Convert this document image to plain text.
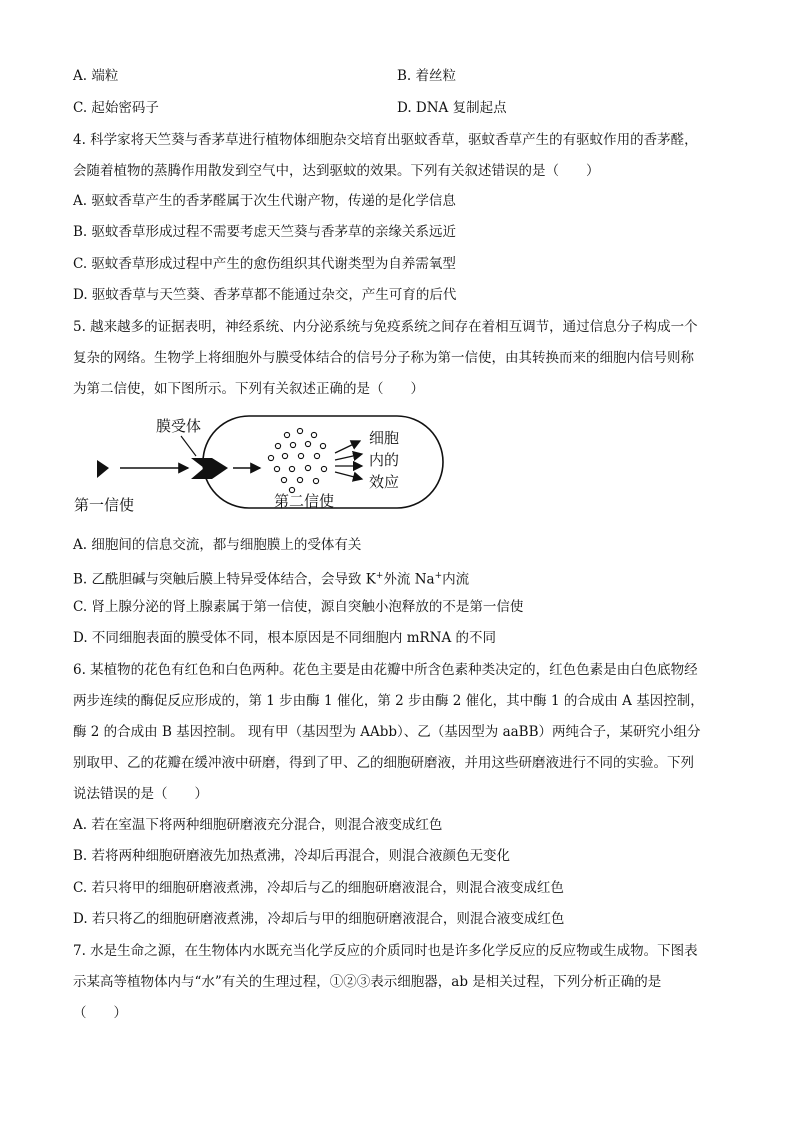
A. 端粒	B. 着丝粒
C. 起始密码子	D. DNA 复制起点
4. 科学家将天竺葵与香茅草进行植物体细胞杂交培育出驱蚊香草，驱蚊香草产生的有驱蚊作用的香茅醛，
会随着植物的蒸腾作用散发到空气中，达到驱蚊的效果。下列有关叙述错误的是（　　）
A. 驱蚊香草产生的香茅醛属于次生代谢产物，传递的是化学信息
B. 驱蚊香草形成过程不需要考虑天竺葵与香茅草的亲缘关系远近
C. 驱蚊香草形成过程中产生的愈伤组织其代谢类型为自养需氧型
D. 驱蚊香草与天竺葵、香茅草都不能通过杂交，产生可育的后代
5. 越来越多的证据表明，神经系统、内分泌系统与免疫系统之间存在着相互调节，通过信息分子构成一个
复杂的网络。生物学上将细胞外与膜受体结合的信号分子称为第一信使，由其转换而来的细胞内信号则称
为第二信使，如下图所示。下列有关叙述正确的是（　　）
膜受体
第一信使	第二信使
细胞
内的
效应
A. 细胞间的信息交流，都与细胞膜上的受体有关
B. 乙酰胆碱与突触后膜上特异受体结合，会导致 K+外流 Na+内流
C. 肾上腺分泌的肾上腺素属于第一信使，源自突触小泡释放的不是第一信使
D. 不同细胞表面的膜受体不同，根本原因是不同细胞内 mRNA 的不同
6. 某植物的花色有红色和白色两种。花色主要是由花瓣中所含色素种类决定的，红色色素是由白色底物经
两步连续的酶促反应形成的，第 1 步由酶 1 催化，第 2 步由酶 2 催化，其中酶 1 的合成由 A 基因控制，
酶 2 的合成由 B 基因控制。 现有甲（基因型为 AAbb）、乙（基因型为 aaBB）两纯合子，某研究小组分
别取甲、乙的花瓣在缓冲液中研磨，得到了甲、乙的细胞研磨液，并用这些研磨液进行不同的实验。下列
说法错误的是（　　）
A. 若在室温下将两种细胞研磨液充分混合，则混合液变成红色
B. 若将两种细胞研磨液先加热煮沸，冷却后再混合，则混合液颜色无变化
C. 若只将甲的细胞研磨液煮沸，冷却后与乙的细胞研磨液混合，则混合液变成红色
D. 若只将乙的细胞研磨液煮沸，冷却后与甲的细胞研磨液混合，则混合液变成红色
7. 水是生命之源，在生物体内水既充当化学反应的介质同时也是许多化学反应的反应物或生成物。下图表
示某高等植物体内与“水”有关的生理过程，①②③表示细胞器，ab 是相关过程，下列分析正确的是
（　　）
